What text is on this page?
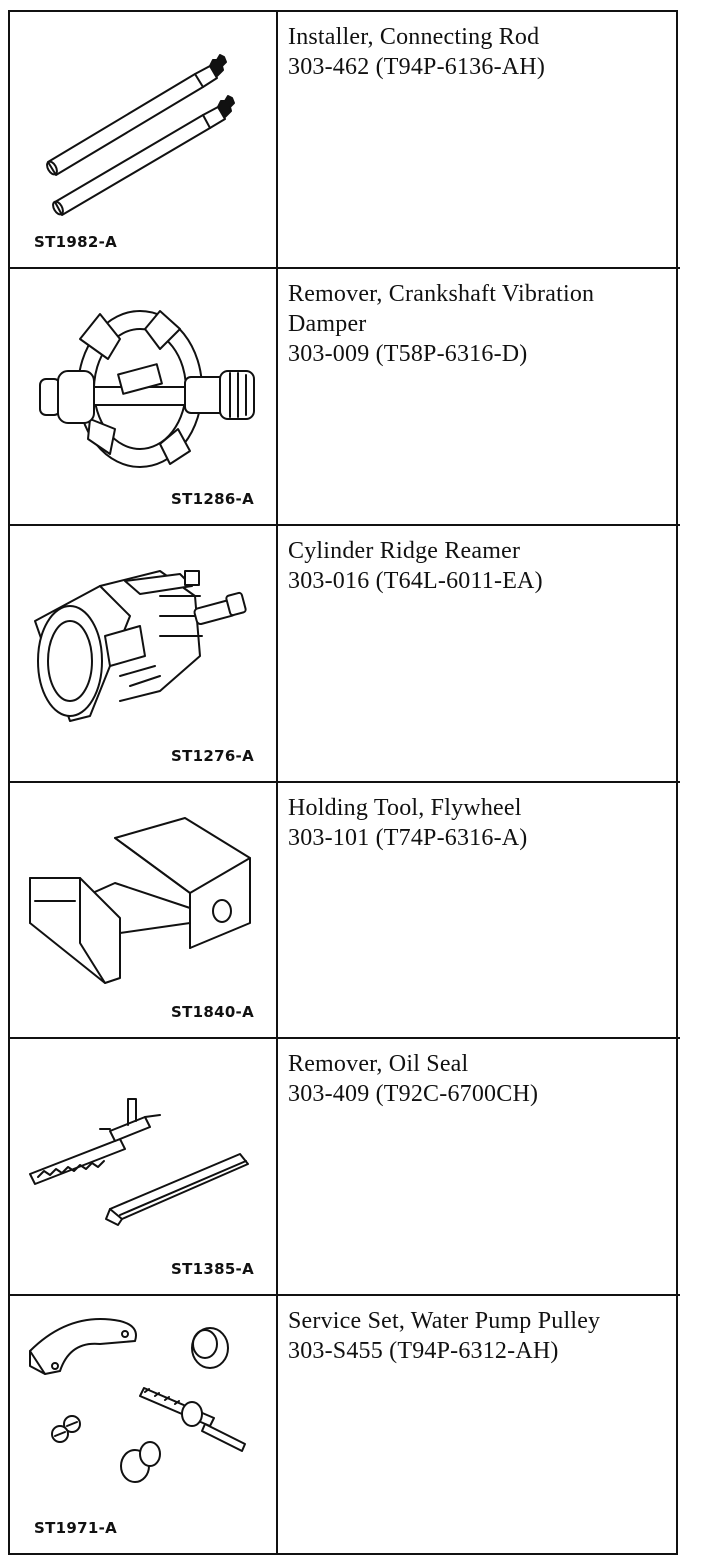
ST1982-A
Installer, Connecting Rod
303-462 (T94P-6136-AH)
ST1286-A
Remover, Crankshaft Vibration Damper
303-009 (T58P-6316-D)
ST1276-A
Cylinder Ridge Reamer
303-016 (T64L-6011-EA)
ST1840-A
Holding Tool, Flywheel
303-101 (T74P-6316-A)
ST1385-A
Remover, Oil Seal
303-409 (T92C-6700CH)
ST1971-A
Service Set, Water Pump Pulley
303-S455 (T94P-6312-AH)
